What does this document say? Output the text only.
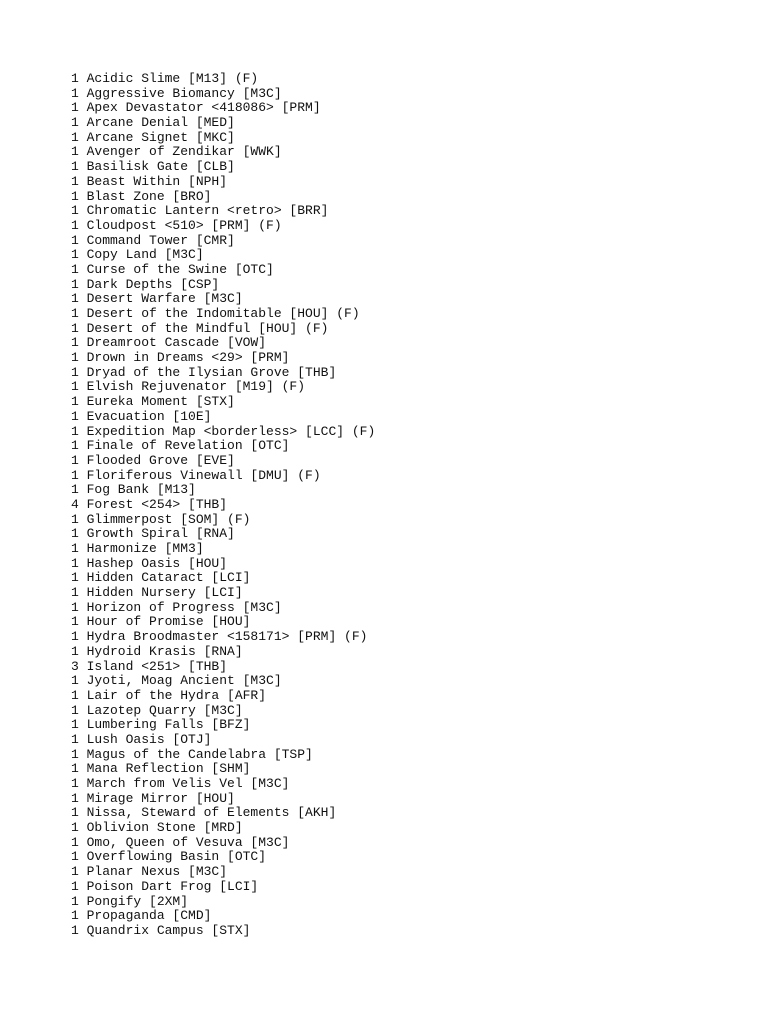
1 Acidic Slime [M13] (F)
1 Aggressive Biomancy [M3C]
1 Apex Devastator <418086> [PRM]
1 Arcane Denial [MED]
1 Arcane Signet [MKC]
1 Avenger of Zendikar [WWK]
1 Basilisk Gate [CLB]
1 Beast Within [NPH]
1 Blast Zone [BRO]
1 Chromatic Lantern <retro> [BRR]
1 Cloudpost <510> [PRM] (F)
1 Command Tower [CMR]
1 Copy Land [M3C]
1 Curse of the Swine [OTC]
1 Dark Depths [CSP]
1 Desert Warfare [M3C]
1 Desert of the Indomitable [HOU] (F)
1 Desert of the Mindful [HOU] (F)
1 Dreamroot Cascade [VOW]
1 Drown in Dreams <29> [PRM]
1 Dryad of the Ilysian Grove [THB]
1 Elvish Rejuvenator [M19] (F)
1 Eureka Moment [STX]
1 Evacuation [10E]
1 Expedition Map <borderless> [LCC] (F)
1 Finale of Revelation [OTC]
1 Flooded Grove [EVE]
1 Floriferous Vinewall [DMU] (F)
1 Fog Bank [M13]
4 Forest <254> [THB]
1 Glimmerpost [SOM] (F)
1 Growth Spiral [RNA]
1 Harmonize [MM3]
1 Hashep Oasis [HOU]
1 Hidden Cataract [LCI]
1 Hidden Nursery [LCI]
1 Horizon of Progress [M3C]
1 Hour of Promise [HOU]
1 Hydra Broodmaster <158171> [PRM] (F)
1 Hydroid Krasis [RNA]
3 Island <251> [THB]
1 Jyoti, Moag Ancient [M3C]
1 Lair of the Hydra [AFR]
1 Lazotep Quarry [M3C]
1 Lumbering Falls [BFZ]
1 Lush Oasis [OTJ]
1 Magus of the Candelabra [TSP]
1 Mana Reflection [SHM]
1 March from Velis Vel [M3C]
1 Mirage Mirror [HOU]
1 Nissa, Steward of Elements [AKH]
1 Oblivion Stone [MRD]
1 Omo, Queen of Vesuva [M3C]
1 Overflowing Basin [OTC]
1 Planar Nexus [M3C]
1 Poison Dart Frog [LCI]
1 Pongify [2XM]
1 Propaganda [CMD]
1 Quandrix Campus [STX]
